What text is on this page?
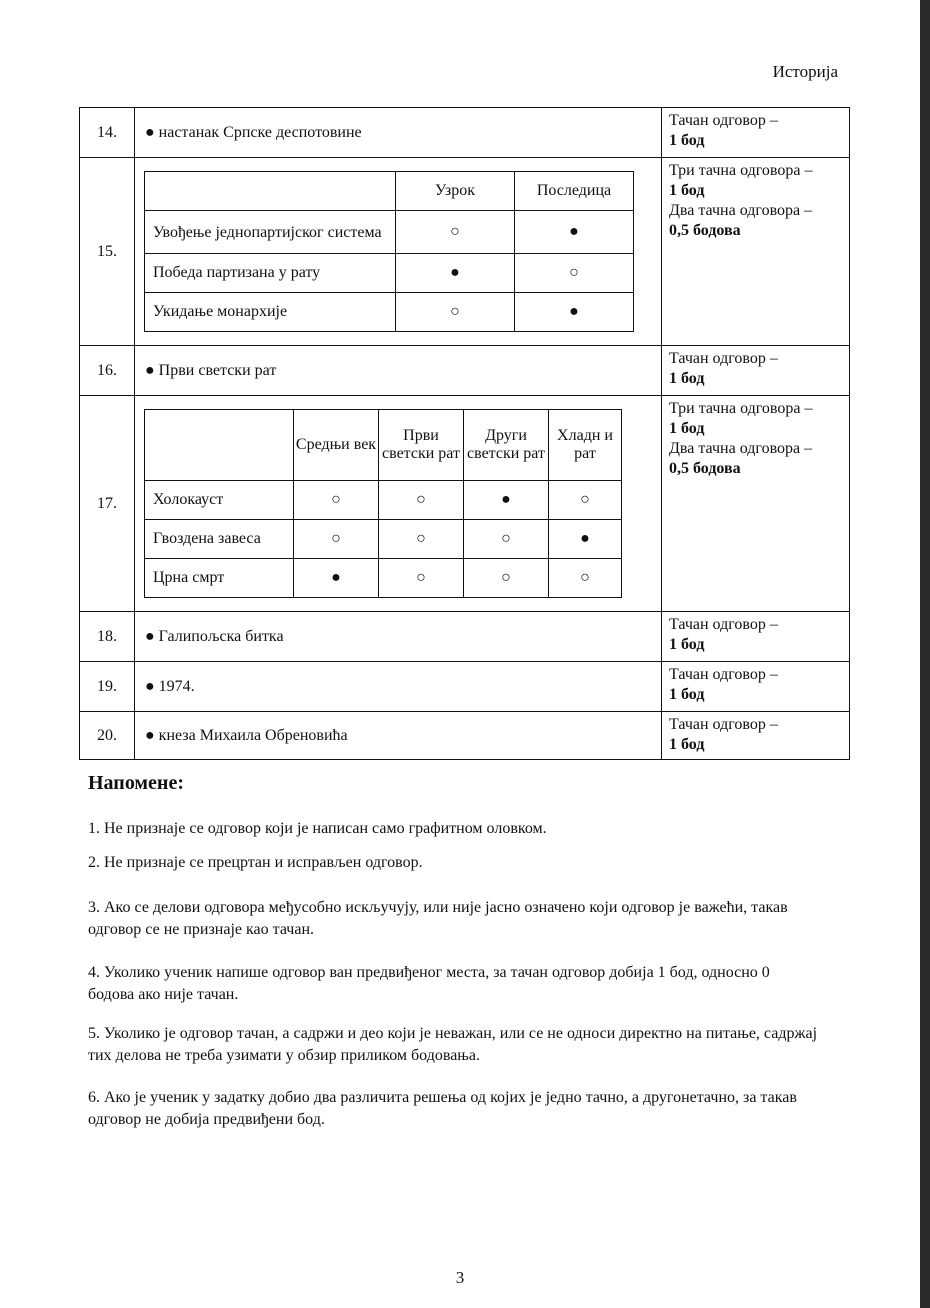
Историја
14.	● настанак Српске деспотовине	
Тачан одговор –
1 бод

15.	
	Узрок	Последица
Увођење једнопартијског система	○	●
Победа партизана у рату	●	○
Укидање монархије	○	●

Три тачна одговора –
1 бод
Два тачна одговора –
0,5 бодова

16.	● Први светски рат	
Тачан одговор –
1 бод

17.	
	Средњи век	Први светски рат	Други светски рат	Хладн и рат
Холокауст	○	○	●	○
Гвоздена завеса	○	○	○	●
Црна смрт	●	○	○	○

Три тачна одговора –
1 бод
Два тачна одговора –
0,5 бодова

18.	● Галипољска битка	
Тачан одговор –
1 бод

19.	● 1974.	
Тачан одговор –
1 бод

20.	● кнеза Михаила Обреновића	
Тачан одговор –
1 бод
Напомене:
1. Не признаје се одговор који је написан само графитном оловком.
2. Не признаје се прецртан и исправљен одговор.
3. Ако се делови одговора међусобно искључују, или није јасно означено који одговор је важећи, такав одговор се не признаје као тачан.
4. Уколико ученик напише одговор ван предвиђеног места, за тачан одговор добија 1 бод, односно 0 бодова ако није тачан.
5. Уколико је одговор тачан, а садржи и део који је неважан, или се не односи директно на питање, садржај тих делова не треба узимати у обзир приликом бодовања.
6. Ако је ученик у задатку добио два различита решења од којих је једно тачно, а другонетачно, за такав одговор не добија предвиђени бод.
3
